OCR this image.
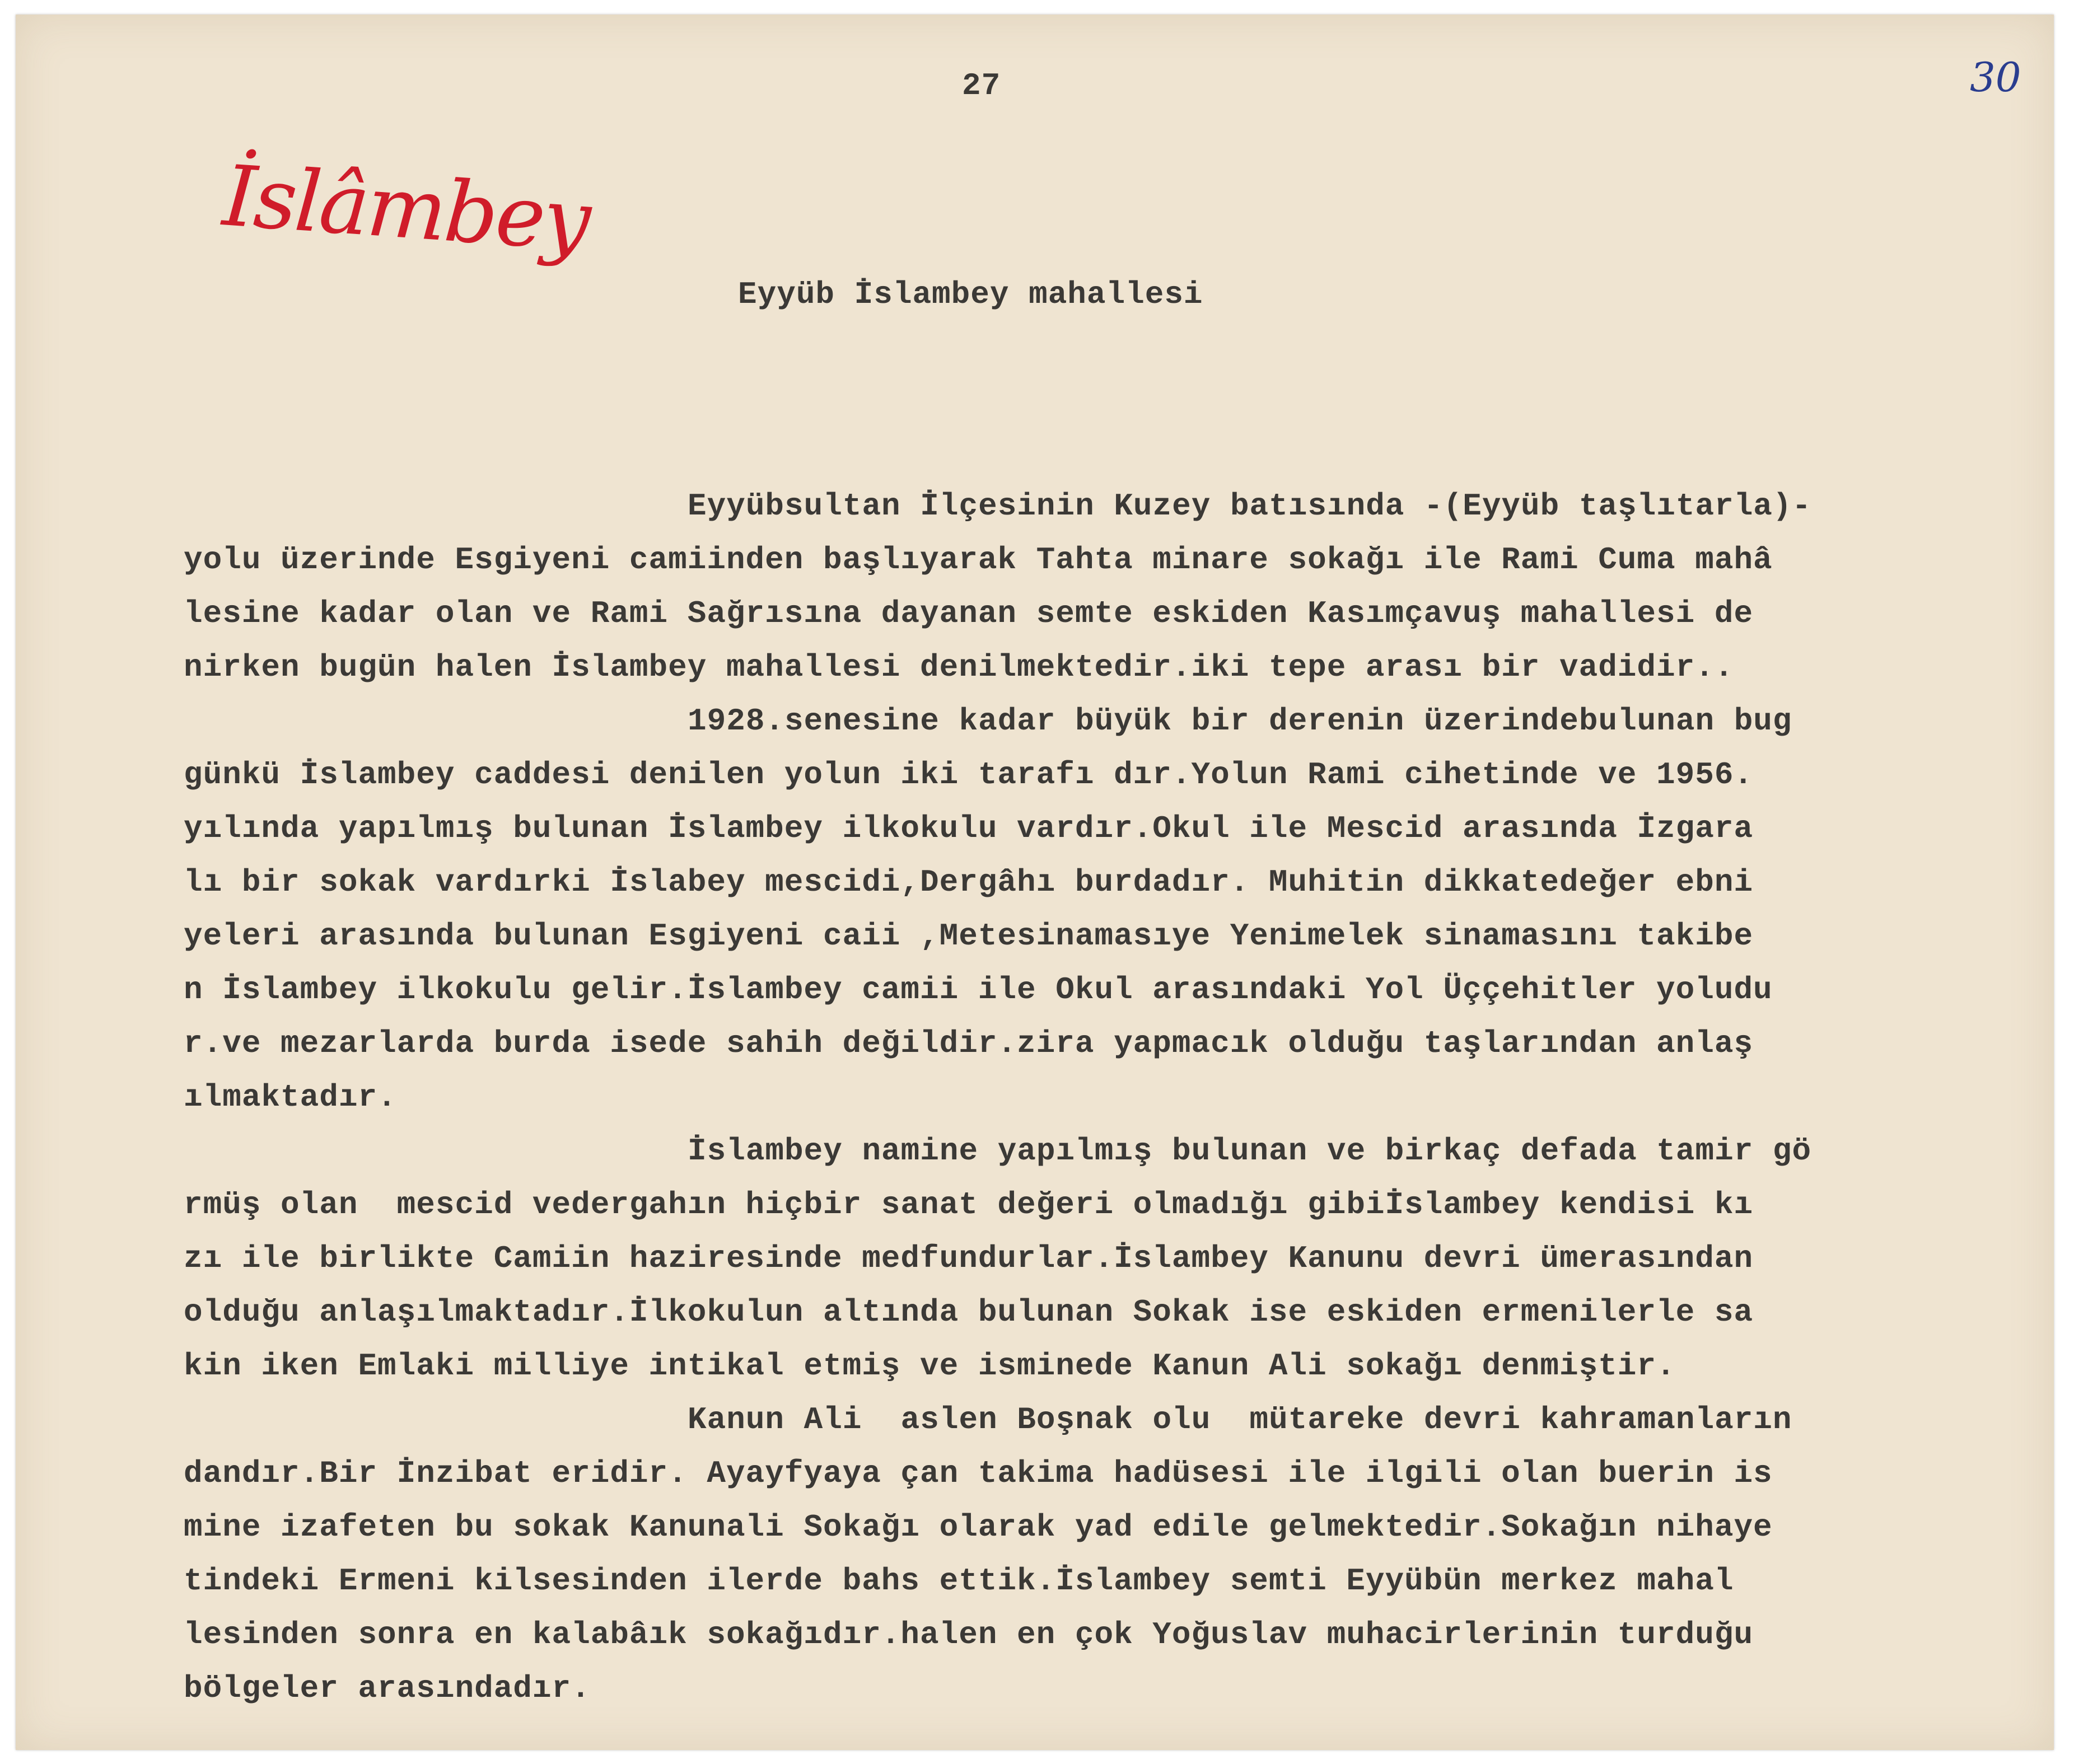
27	30
İslâmbey
Eyyüb İslambey mahallesi
Eyyübsultan İlçesinin Kuzey batısında -(Eyyüb taşlıtarla)-
yolu üzerinde Esgiyeni camiinden başlıyarak Tahta minare sokağı ile Rami Cuma mahâ
lesine kadar olan ve Rami Sağrısına dayanan semte eskiden Kasımçavuş mahallesi de
nirken bugün halen İslambey mahallesi denilmektedir.iki tepe arası bir vadidir..
1928.senesine kadar büyük bir derenin üzerindebulunan bug
günkü İslambey caddesi denilen yolun iki tarafı dır.Yolun Rami cihetinde ve 1956.
yılında yapılmış bulunan İslambey ilkokulu vardır.Okul ile Mescid arasında İzgara
lı bir sokak vardırki İslabey mescidi,Dergâhı burdadır. Muhitin dikkatedeğer ebni
yeleri arasında bulunan Esgiyeni caii ,Metesinamasıye Yenimelek sinamasını takibe
n İslambey ilkokulu gelir.İslambey camii ile Okul arasındaki Yol Üççehitler yoludu
r.ve mezarlarda burda isede sahih değildir.zira yapmacık olduğu taşlarından anlaş
ılmaktadır.
İslambey namine yapılmış bulunan ve birkaç defada tamir gö
rmüş olan  mescid vedergahın hiçbir sanat değeri olmadığı gibiİslambey kendisi kı
zı ile birlikte Camiin haziresinde medfundurlar.İslambey Kanunu devri ümerasından
olduğu anlaşılmaktadır.İlkokulun altında bulunan Sokak ise eskiden ermenilerle sa
kin iken Emlaki milliye intikal etmiş ve isminede Kanun Ali sokağı denmiştir.
Kanun Ali  aslen Boşnak olu  mütareke devri kahramanların
dandır.Bir İnzibat eridir. Ayayfyaya çan takima hadüsesi ile ilgili olan buerin is
mine izafeten bu sokak Kanunali Sokağı olarak yad edile gelmektedir.Sokağın nihaye
tindeki Ermeni kilsesinden ilerde bahs ettik.İslambey semti Eyyübün merkez mahal
lesinden sonra en kalabâık sokağıdır.halen en çok Yoğuslav muhacirlerinin turduğu
bölgeler arasındadır.
